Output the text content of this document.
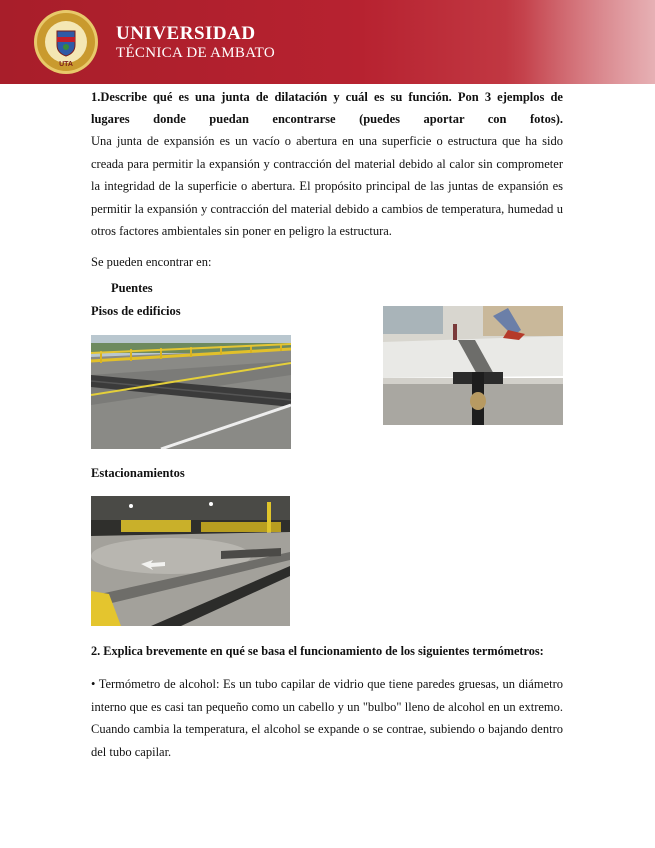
UTA
UNIVERSIDAD
TÉCNICA DE AMBATO

1.Describe qué es una junta de dilatación y cuál es su función. Pon 3 ejemplos de

lugares donde puedan encontrarse (puedes aportar con fotos).

Una junta de expansión es un vacío o abertura en una superficie o estructura que ha sido creada para permitir la expansión y contracción del material debido al calor sin comprometer la integridad de la superficie o abertura. El propósito principal de las juntas de expansión es permitir la expansión y contracción del material debido a cambios de temperatura, humedad u otros factores ambientales sin poner en peligro la estructura.

Se pueden encontrar en:

Puentes
Pisos de edificios
Estacionamientos

2. Explica brevemente en qué se basa el funcionamiento de los siguientes termómetros:

• Termómetro de alcohol: Es un tubo capilar de vidrio que tiene paredes gruesas, un diámetro interno que es casi tan pequeño como un cabello y un "bulbo" lleno de alcohol en un extremo. Cuando cambia la temperatura, el alcohol se expande o se contrae, subiendo o bajando dentro del tubo capilar.
